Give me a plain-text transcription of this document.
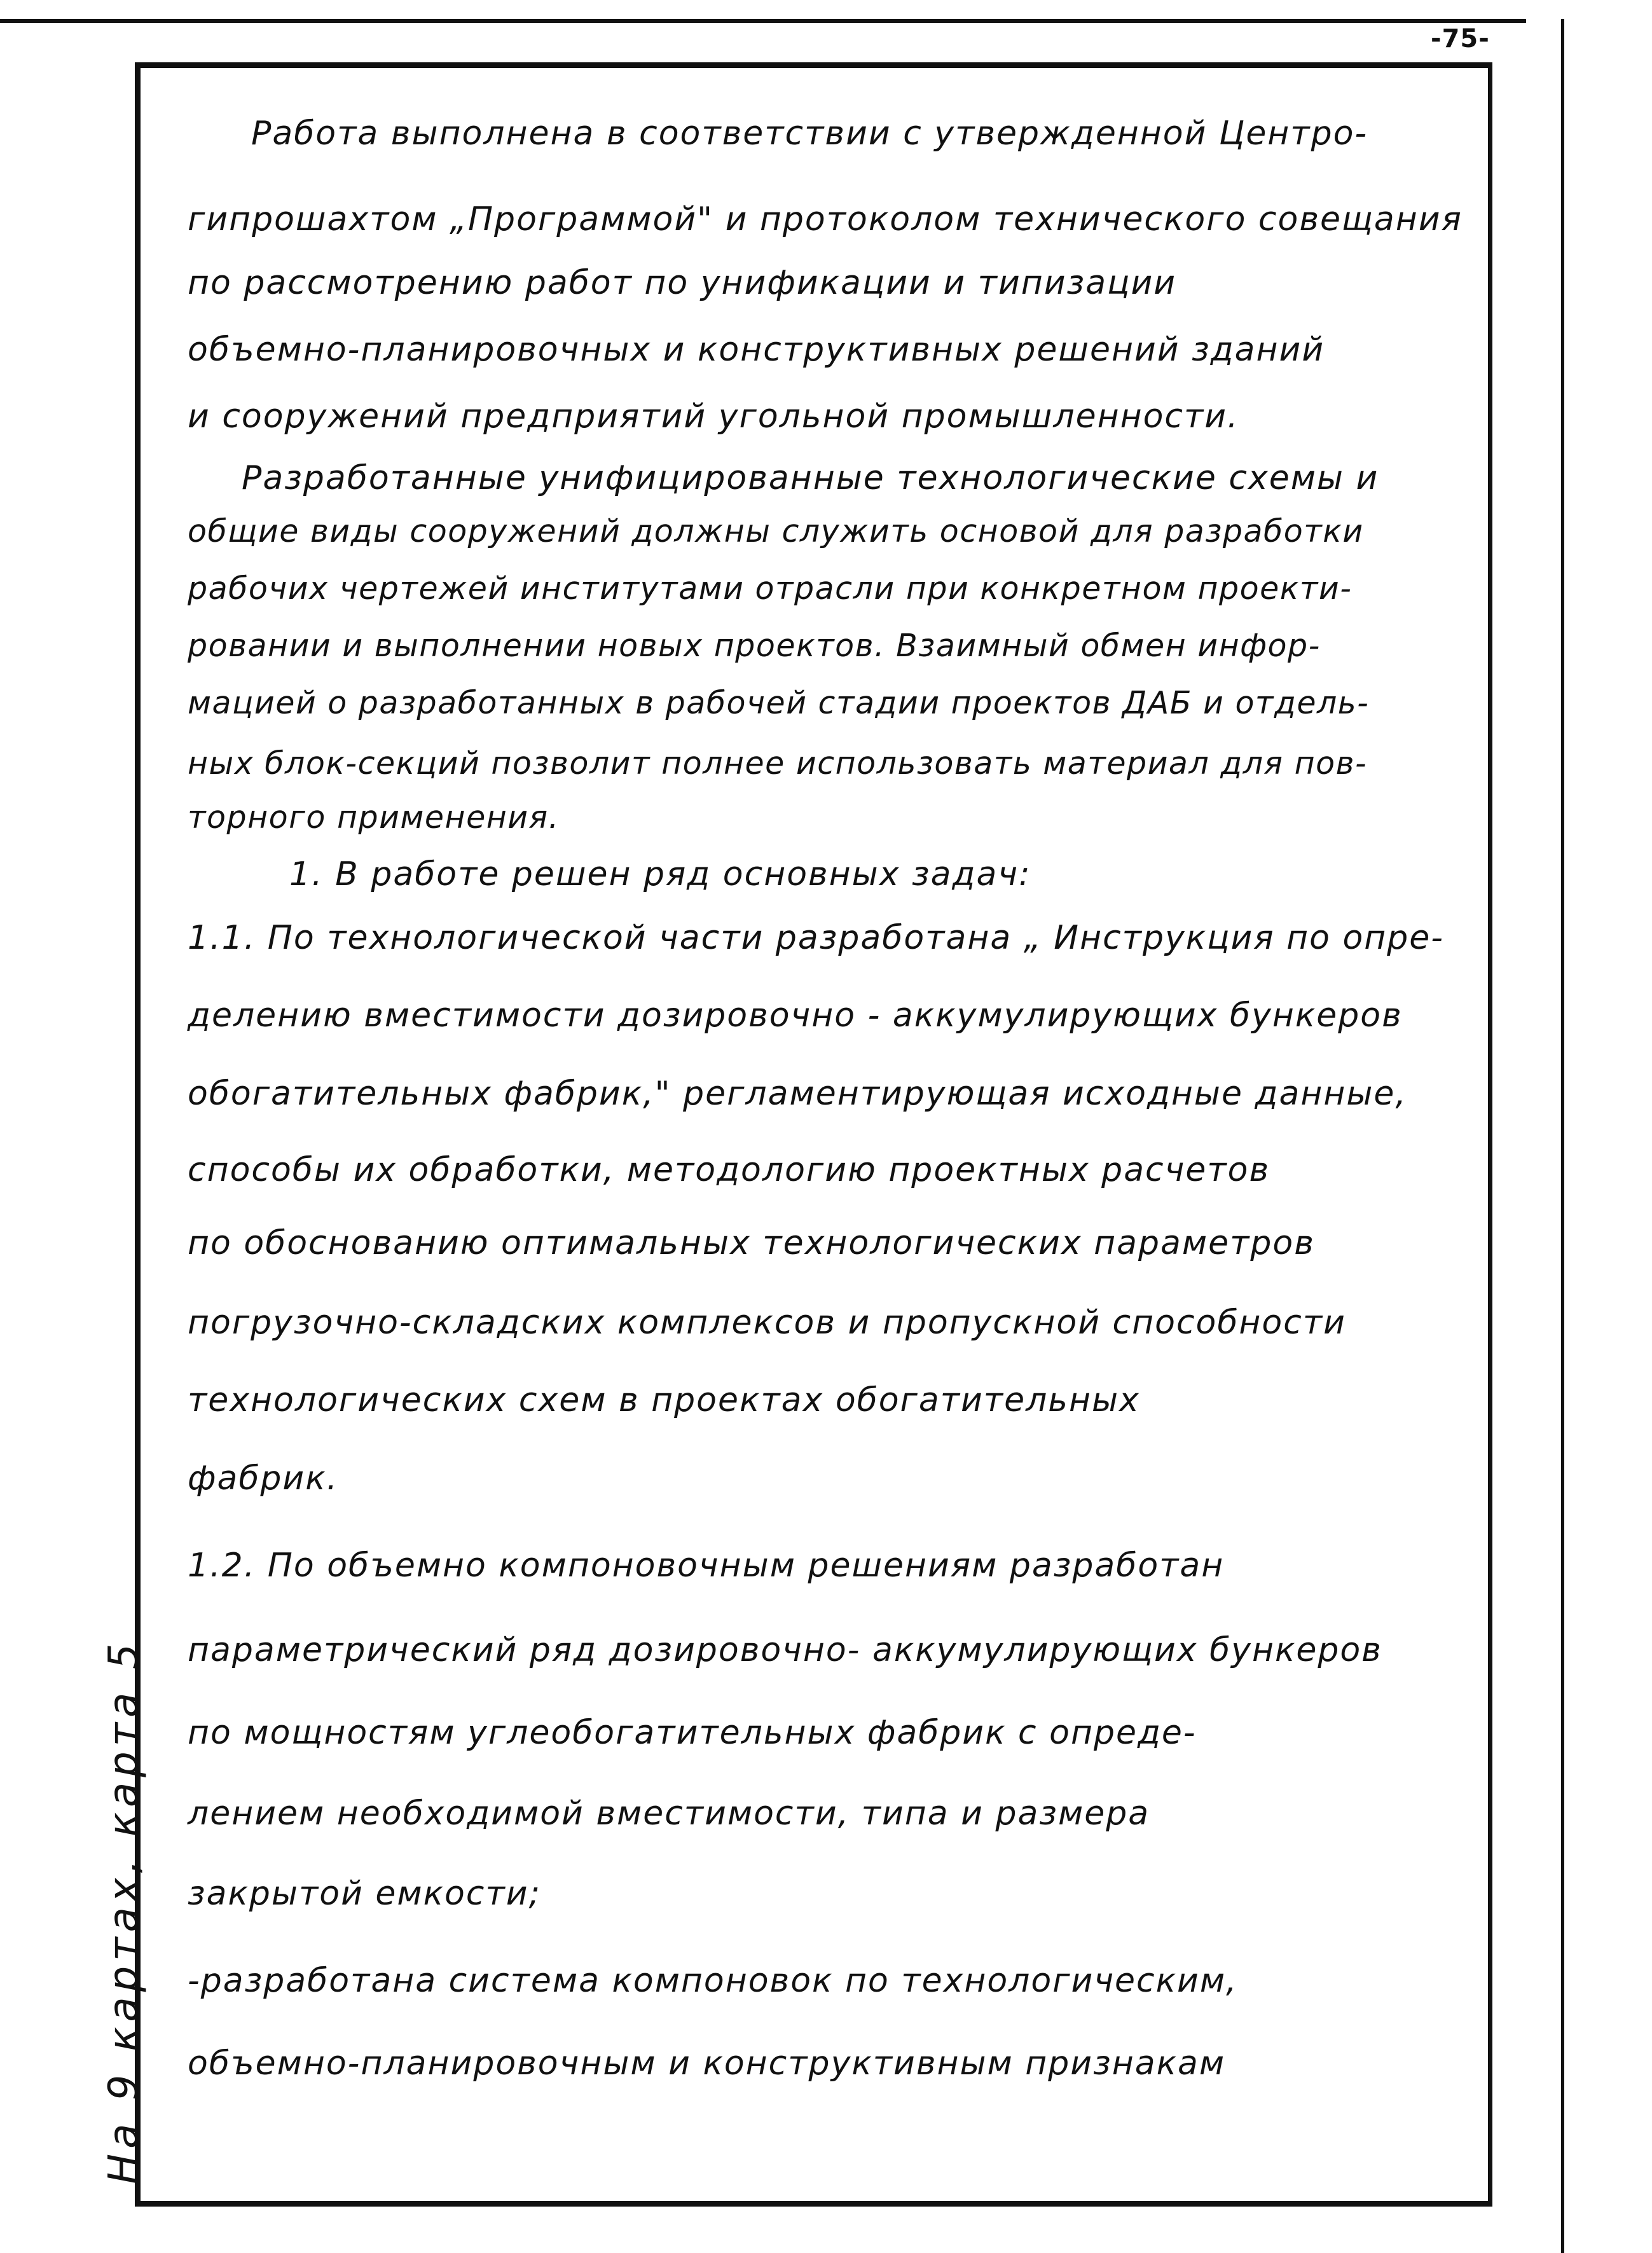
-75-
На 9 картах, карта 5
Работа выполнена в соответствии с утвержденной Центро-
гипрошахтом „Программой" и протоколом технического совещания
по рассмотрению работ по унификации и типизации
объемно-планировочных и конструктивных решений зданий
и сооружений предприятий угольной промышленности.
Разработанные унифицированные технологические схемы и
общие виды сооружений должны служить основой для разработки
рабочих чертежей институтами отрасли при конкретном проекти-
ровании и выполнении новых проектов. Взаимный обмен инфор-
мацией о разработанных в рабочей стадии проектов ДАБ и отдель-
ных блок-секций позволит полнее использовать материал для пов-
торного применения.
1. В работе решен ряд основных задач:
1.1. По технологической части разработана „ Инструкция по опре-
делению вместимости дозировочно - аккумулирующих бункеров
обогатительных фабрик," регламентирующая исходные данные,
способы их обработки, методологию проектных расчетов
по обоснованию оптимальных технологических параметров
погрузочно-складских комплексов и пропускной способности
технологических схем в проектах обогатительных
фабрик.
1.2. По объемно компоновочным решениям разработан
параметрический ряд дозировочно- аккумулирующих бункеров
по мощностям углеобогатительных фабрик с опреде-
лением необходимой вместимости, типа и размера
закрытой емкости;
-разработана система компоновок по технологическим,
объемно-планировочным и конструктивным признакам
